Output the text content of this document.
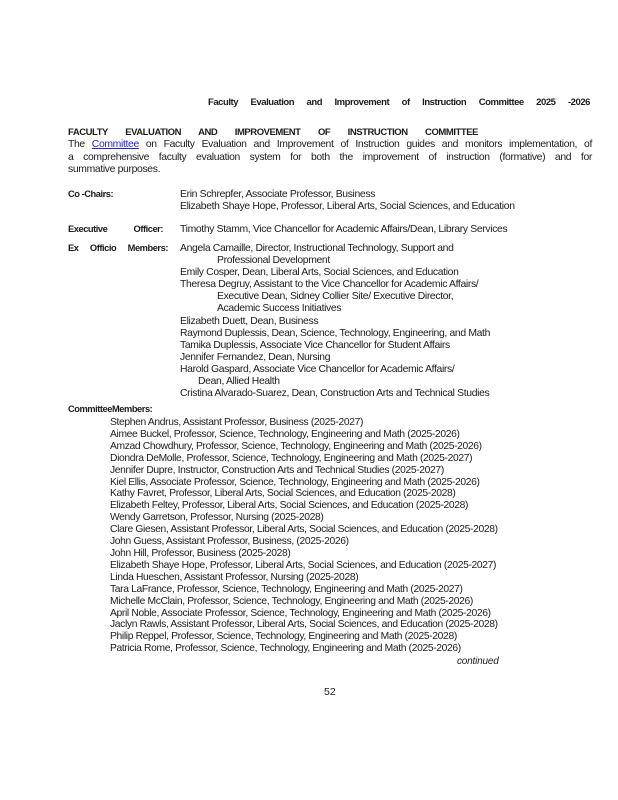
Faculty Evaluation and Improvement of Instruction Committee 2025 -2026
FACULTY EVALUATION AND IMPROVEMENT OF INSTRUCTION COMMITTEE
The Committee on Faculty Evaluation and Improvement of Instruction guides and monitors implementation, of
a comprehensive faculty evaluation system for both the improvement of instruction (formative) and for
summative purposes.
Co -Chairs:	Erin Schrepfer, Associate Professor, Business
Elizabeth Shaye Hope, Professor, Liberal Arts, Social Sciences, and Education
Executive	Officer: Timothy Stamm, Vice Chancellor for Academic Affairs/Dean, Library Services
Ex Officio Members: Angela Camaille, Director, Instructional Technology, Support and
Professional Development
Emily Cosper, Dean, Liberal Arts, Social Sciences, and Education
Theresa Degruy, Assistant to the Vice Chancellor for Academic Affairs/
Executive Dean, Sidney Collier Site/ Executive Director,
Academic Success Initiatives
Elizabeth Duett, Dean, Business
Raymond Duplessis, Dean, Science, Technology, Engineering, and Math
Tamika Duplessis, Associate Vice Chancellor for Student Affairs
Jennifer Fernandez, Dean, Nursing
Harold Gaspard, Associate Vice Chancellor for Academic Affairs/
Dean, Allied Health
Cristina Alvarado-Suarez, Dean, Construction Arts and Technical Studies
Committee Members:
Stephen Andrus, Assistant Professor, Business (2025-2027)
Aimee Buckel, Professor, Science, Technology, Engineering and Math (2025-2026)
Amzad Chowdhury, Professor, Science, Technology, Engineering and Math (2025-2026)
Diondra DeMolle, Professor, Science, Technology, Engineering and Math (2025-2027)
Jennifer Dupre, Instructor, Construction Arts and Technical Studies (2025-2027)
Kiel Ellis, Associate Professor, Science, Technology, Engineering and Math (2025-2026)
Kathy Favret, Professor, Liberal Arts, Social Sciences, and Education (2025-2028)
Elizabeth Feltey, Professor, Liberal Arts, Social Sciences, and Education (2025-2028)
Wendy Garretson, Professor, Nursing (2025-2028)
Clare Giesen, Assistant Professor, Liberal Arts, Social Sciences, and Education (2025-2028)
John Guess, Assistant Professor, Business, (2025-2026)
John Hill, Professor, Business (2025-2028)
Elizabeth Shaye Hope, Professor, Liberal Arts, Social Sciences, and Education (2025-2027)
Linda Hueschen, Assistant Professor, Nursing (2025-2028)
Tara LaFrance, Professor, Science, Technology, Engineering and Math (2025-2027)
Michelle McClain, Professor, Science, Technology, Engineering and Math (2025-2026)
April Noble, Associate Professor, Science, Technology, Engineering and Math (2025-2026)
Jaclyn Rawls, Assistant Professor, Liberal Arts, Social Sciences, and Education (2025-2028)
Philip Reppel, Professor, Science, Technology, Engineering and Math (2025-2028)
Patricia Rome, Professor, Science, Technology, Engineering and Math (2025-2026)
continued
52
